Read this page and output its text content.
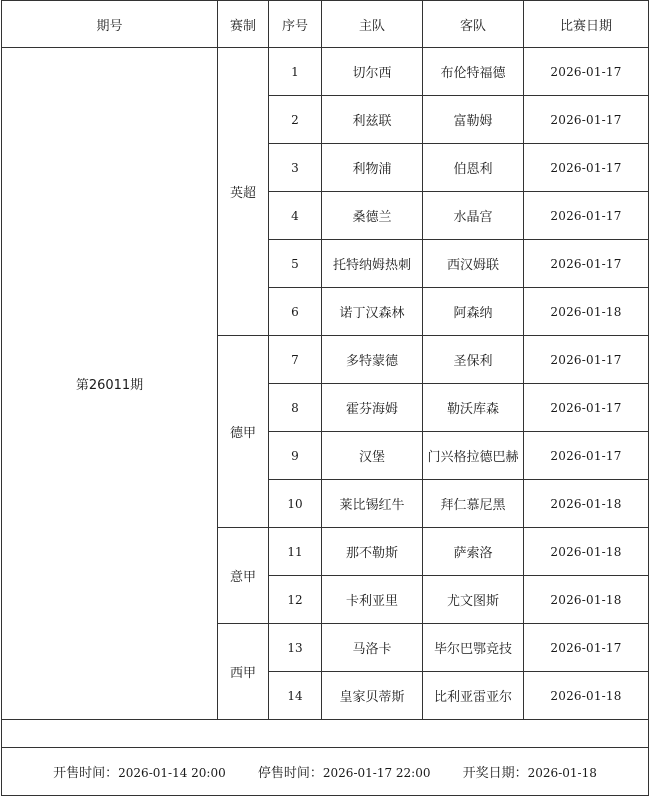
期号	赛制	序号	主队	客队	比赛日期
第26011期	英超	1	切尔西	布伦特福德	2026-01-17
		2	利兹联	富勒姆	2026-01-17
		3	利物浦	伯恩利	2026-01-17
		4	桑德兰	水晶宫	2026-01-17
		5	托特纳姆热刺	西汉姆联	2026-01-17
		6	诺丁汉森林	阿森纳	2026-01-18
	德甲	7	多特蒙德	圣保利	2026-01-17
		8	霍芬海姆	勒沃库森	2026-01-17
		9	汉堡	门兴格拉德巴赫	2026-01-17
		10	莱比锡红牛	拜仁慕尼黑	2026-01-18
	意甲	11	那不勒斯	萨索洛	2026-01-18
		12	卡利亚里	尤文图斯	2026-01-18
	西甲	13	马洛卡	毕尔巴鄂竞技	2026-01-17
		14	皇家贝蒂斯	比利亚雷亚尔	2026-01-18

开售时间：2026-01-14 20:00 停售时间：2026-01-17 22:00 开奖日期：2026-01-18					
